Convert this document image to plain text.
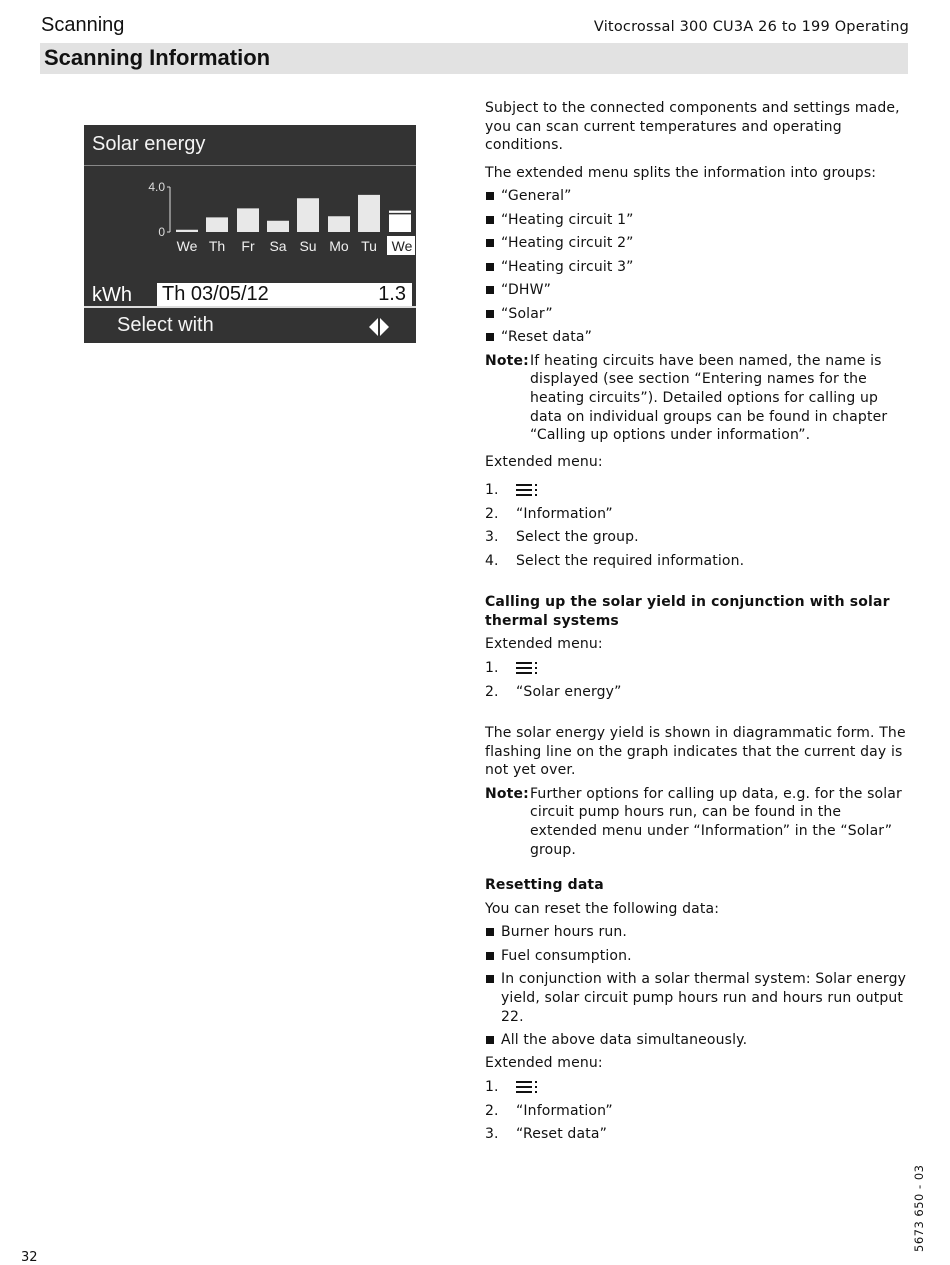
Scanning	Vitocrossal 300 CU3A 26 to 199 Operating
Scanning Information
Solar energy
4.0
0
We Th Fr Sa Su Mo Tu We
kWh Th 03/05/12	1.3
Select with

Subject to the connected components and settings made, you can scan current temperatures and operating conditions.

The extended menu splits the information into groups:

“General”
“Heating circuit 1”
“Heating circuit 2”
“Heating circuit 3”
“DHW”
“Solar”
“Reset data”
Note: If heating circuits have been named, the name is displayed (see section “Entering names for the heating circuits”). Detailed options for calling up data on individual groups can be found in chapter “Calling up options under information”.

Extended menu:

1.
2. “Information”
3. Select the group.
4. Select the required information.

Calling up the solar yield in conjunction with solar thermal systems

Extended menu:

1.
2. “Solar energy”

The solar energy yield is shown in diagrammatic form. The flashing line on the graph indicates that the current day is not yet over.

Note: Further options for calling up data, e.g. for the solar circuit pump hours run, can be found in the extended menu under “Information” in the “Solar” group.

Resetting data

You can reset the following data:

Burner hours run.
Fuel consumption.
In conjunction with a solar thermal system: Solar energy yield, solar circuit pump hours run and hours run output 22.
All the above data simultaneously.

Extended menu:

1.
2. “Information”
3. “Reset data”
32
5673 650 - 03
